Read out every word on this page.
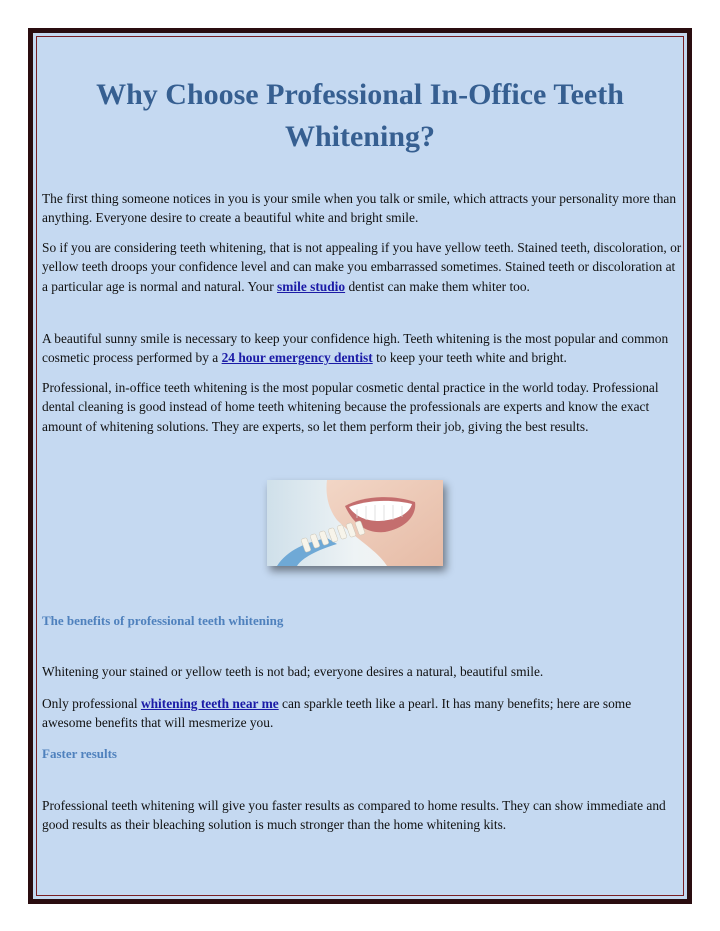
Why Choose Professional In-Office Teeth Whitening?
The first thing someone notices in you is your smile when you talk or smile, which attracts your personality more than anything. Everyone desire to create a beautiful white and bright smile.
So if you are considering teeth whitening, that is not appealing if you have yellow teeth. Stained teeth, discoloration, or yellow teeth droops your confidence level and can make you embarrassed sometimes. Stained teeth or discoloration at a particular age is normal and natural. Your smile studio dentist can make them whiter too.
A beautiful sunny smile is necessary to keep your confidence high. Teeth whitening is the most popular and common cosmetic process performed by a 24 hour emergency dentist to keep your teeth white and bright.
Professional, in-office teeth whitening is the most popular cosmetic dental practice in the world today. Professional dental cleaning is good instead of home teeth whitening because the professionals are experts and know the exact amount of whitening solutions. They are experts, so let them perform their job, giving the best results.
The benefits of professional teeth whitening
Whitening your stained or yellow teeth is not bad; everyone desires a natural, beautiful smile.
Only professional whitening teeth near me can sparkle teeth like a pearl. It has many benefits; here are some awesome benefits that will mesmerize you.
Faster results
Professional teeth whitening will give you faster results as compared to home results. They can show immediate and good results as their bleaching solution is much stronger than the home whitening kits.
